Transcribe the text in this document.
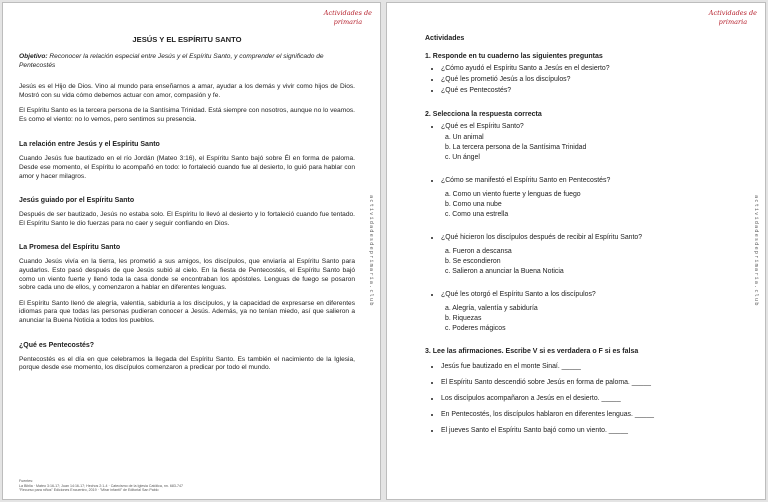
Actividades de
primaria
JESÚS Y EL ESPÍRITU SANTO
Objetivo: Reconocer la relación especial entre Jesús y el Espíritu Santo, y comprender el significado de Pentecostés

Jesús es el Hijo de Dios. Vino al mundo para enseñarnos a amar, ayudar a los demás y vivir como hijos de Dios. Mostró con su vida cómo debemos actuar con amor, compasión y fe.

El Espíritu Santo es la tercera persona de la Santísima Trinidad. Está siempre con nosotros, aunque no lo veamos. Es como el viento: no lo vemos, pero sentimos su presencia.

La relación entre Jesús y el Espíritu Santo

Cuando Jesús fue bautizado en el río Jordán (Mateo 3:16), el Espíritu Santo bajó sobre Él en forma de paloma. Desde ese momento, el Espíritu lo acompañó en todo: lo fortaleció cuando fue al desierto, lo guió para hablar con amor y hacer milagros.

Jesús guiado por el Espíritu Santo

Después de ser bautizado, Jesús no estaba solo. El Espíritu lo llevó al desierto y lo fortaleció cuando fue tentado. El Espíritu Santo le dio fuerzas para no caer y seguir confiando en Dios.

La Promesa del Espíritu Santo

Cuando Jesús vivía en la tierra, les prometió a sus amigos, los discípulos, que enviaría al Espíritu Santo para ayudarlos. Esto pasó después de que Jesús subió al cielo. En la fiesta de Pentecostés, el Espíritu Santo bajó como un viento fuerte y llenó toda la casa donde se encontraban los apóstoles. Lenguas de fuego se posaron sobre cada uno de ellos, y comenzaron a hablar en diferentes lenguas.

El Espíritu Santo llenó de alegría, valentía, sabiduría a los discípulos, y la capacidad de expresarse en diferentes idiomas para que todas las personas pudieran conocer a Jesús. Además, ya no tenían miedo, así que salieron a anunciar la Buena Noticia a todos los pueblos.

¿Qué es Pentecostés?

Pentecostés es el día en que celebramos la llegada del Espíritu Santo. Es también el nacimiento de la Iglesia, porque desde ese momento, los discípulos comenzaron a predicar por todo el mundo.

Fuentes:
La Biblia · Mateo 3:16-17; Juan 14:16-17; Hechos 2:1-4 · Catecismo de la Iglesia Católica, nn. 683-747
"Recurso para niños" Ediciones Encuentro, 2019 · "Mirar infantil" de Editorial San Pablo
actividadesdeprimaria.club
Actividades de
primaria
Actividades
1. Responde en tu cuaderno las siguientes preguntas
• ¿Cómo ayudó el Espíritu Santo a Jesús en el desierto?
• ¿Qué les prometió Jesús a los discípulos?
• ¿Qué es Pentecostés?
2. Selecciona la respuesta correcta
• ¿Qué es el Espíritu Santo?
a. Un animal
b. La tercera persona de la Santísima Trinidad
c. Un ángel
• ¿Cómo se manifestó el Espíritu Santo en Pentecostés?
a. Como un viento fuerte y lenguas de fuego
b. Como una nube
c. Como una estrella
• ¿Qué hicieron los discípulos después de recibir al Espíritu Santo?
a. Fueron a descansa
b. Se escondieron
c. Salieron a anunciar la Buena Noticia
• ¿Qué les otorgó el Espíritu Santo a los discípulos?
a. Alegría, valentía y sabiduría
b. Riquezas
c. Poderes mágicos
3. Lee las afirmaciones. Escribe V si es verdadera o F si es falsa
• Jesús fue bautizado en el monte Sinaí. _____
• El Espíritu Santo descendió sobre Jesús en forma de paloma. _____
• Los discípulos acompañaron a Jesús en el desierto. _____
• En Pentecostés, los discípulos hablaron en diferentes lenguas. _____
• El jueves Santo el Espíritu Santo bajó como un viento. _____
actividadesdeprimaria.club
